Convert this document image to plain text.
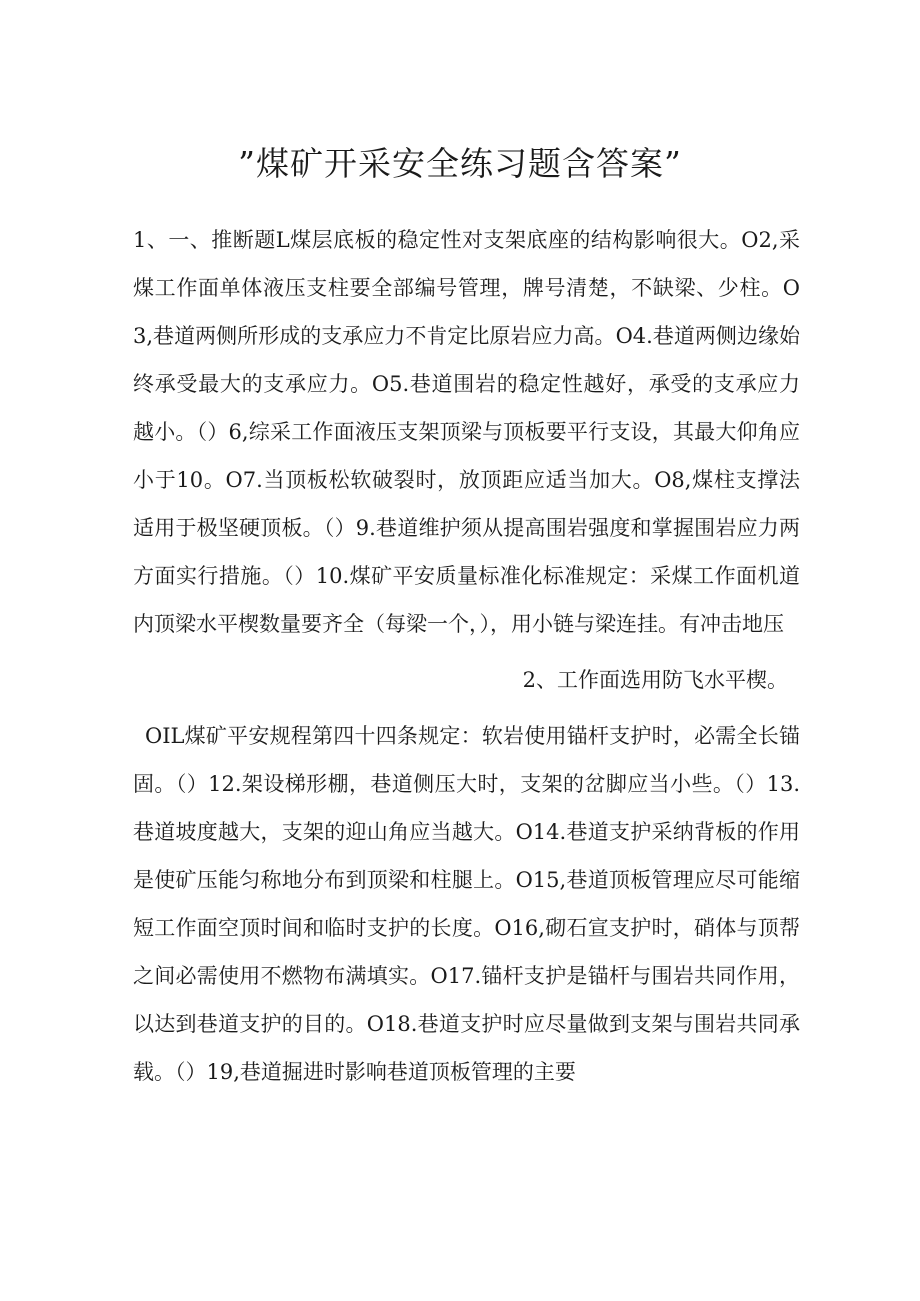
”煤矿开采安全练习题含答案”

1、一、推断题L煤层底板的稳定性对支架底座的结构影响很大。O2,采煤工作面单体液压支柱要全部编号管理，牌号清楚，不缺梁、少柱。O3,巷道两侧所形成的支承应力不肯定比原岩应力高。O4.巷道两侧边缘始终承受最大的支承应力。O5.巷道围岩的稳定性越好，承受的支承应力越小。（）6,综采工作面液压支架顶梁与顶板要平行支设，其最大仰角应小于10。O7.当顶板松软破裂时，放顶距应适当加大。O8,煤柱支撑法适用于极坚硬顶板。（）9.巷道维护须从提高围岩强度和掌握围岩应力两方面实行措施。（）10.煤矿平安质量标准化标准规定：采煤工作面机道内顶梁水平楔数量要齐全（每梁一个，），用小链与梁连挂。有冲击地压

2、工作面选用防飞水平楔。

OIL煤矿平安规程第四十四条规定：软岩使用锚杆支护时，必需全长锚固。（）12.架设梯形棚，巷道侧压大时，支架的岔脚应当小些。（）13.巷道坡度越大，支架的迎山角应当越大。O14.巷道支护采纳背板的作用是使矿压能匀称地分布到顶梁和柱腿上。O15,巷道顶板管理应尽可能缩短工作面空顶时间和临时支护的长度。O16,砌石宣支护时，硝体与顶帮之间必需使用不燃物布满填实。O17.锚杆支护是锚杆与围岩共同作用，以达到巷道支护的目的。O18.巷道支护时应尽量做到支架与围岩共同承载。（）19,巷道掘进时影响巷道顶板管理的主要
